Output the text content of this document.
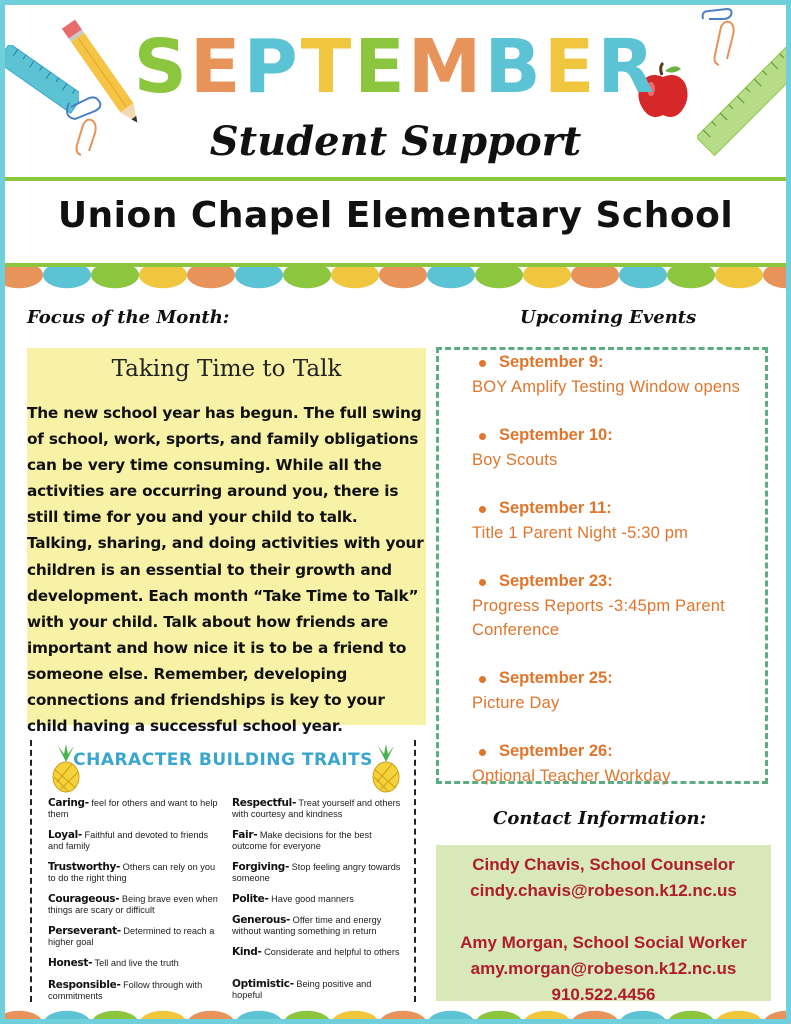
SEPTEMBER
Student Support
Union Chapel Elementary School
Focus of the Month:
Taking Time to Talk
The new school year has begun. The full swing of school, work, sports, and family obligations can be very time consuming. While all the activities are occurring around you, there is still time for you and your child to talk. Talking, sharing, and doing activities with your children is an essential to their growth and development. Each month “Take Time to Talk” with your child. Talk about how friends are important and how nice it is to be a friend to someone else. Remember, developing connections and friendships is key to your child having a successful school year.
CHARACTER BUILDING TRAITS
Caring- feel for others and want to help them
Loyal- Faithful and devoted to friends and family
Trustworthy- Others can rely on you to do the right thing
Courageous- Being brave even when things are scary or difficult
Perseverant- Determined to reach a higher goal
Honest- Tell and live the truth
Responsible- Follow through with commitments
Respectful- Treat yourself and others with courtesy and kindness
Fair- Make decisions for the best outcome for everyone
Forgiving- Stop feeling angry towards someone
Polite- Have good manners
Generous- Offer time and energy without wanting something in return
Kind- Considerate and helpful to others
Optimistic- Being positive and hopeful
Upcoming Events
September 9:
BOY Amplify Testing Window opens
September 10:
Boy Scouts
September 11:
Title 1 Parent Night -5:30 pm
September 23:
Progress Reports -3:45pm Parent Conference
September 25:
Picture Day
September 26:
Optional Teacher Workday
Contact Information:
Cindy Chavis, School Counselor
cindy.chavis@robeson.k12.nc.us
Amy Morgan, School Social Worker
amy.morgan@robeson.k12.nc.us
910.522.4456
